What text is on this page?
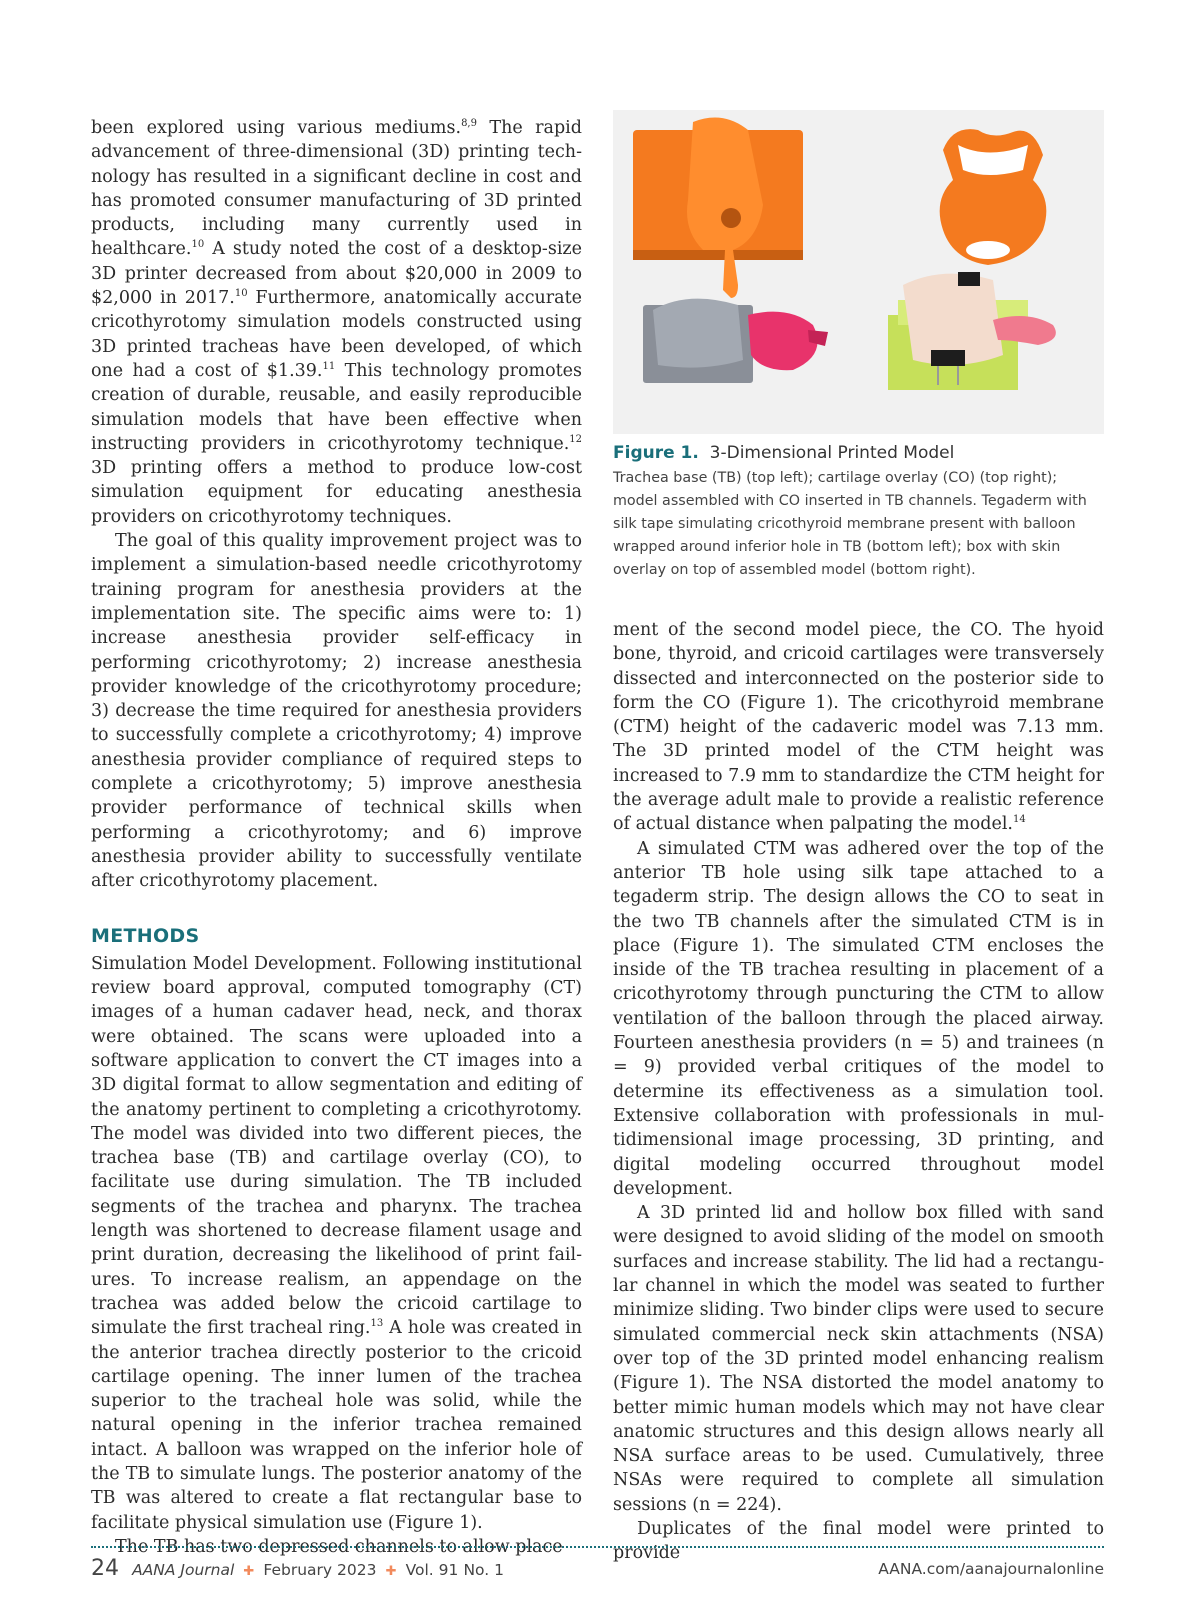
been explored using various mediums.$^{8,9}$ The rapid advancement of three-dimensional (3D) printing technology has resulted in a significant decline in cost and has promoted consumer manufacturing of 3D printed products, including many currently used in healthcare.$^{10}$ A study noted the cost of a desktop-size 3D printer decreased from about $20,000 in 2009 to $2,000 in 2017.10 Furthermore, anatomically accurate cricothyrotomy simulation models constructed using 3D printed tracheas have been developed, of which one had a cost of $1.39.11 This technology promotes creation of durable, reusable, and easily reproducible simulation models that have been effective when instructing providers in cricothyrotomy technique.$^{12}$ 3D printing offers a method to produce low-cost simulation equipment for educating anesthesia providers on cricothyrotomy techniques.

The goal of this quality improvement project was to implement a simulation-based needle cricothyrotomy training program for anesthesia providers at the implementation site. The specific aims were to: 1) increase anesthesia provider self-efficacy in performing cricothyrotomy; 2) increase anesthesia provider knowledge of the cricothyrotomy procedure; 3) decrease the time required for anesthesia providers to successfully complete a cricothyrotomy; 4) improve anesthesia provider compliance of required steps to complete a cricothyrotomy; 5) improve anesthesia provider performance of technical skills when performing a cricothyrotomy; and 6) improve anesthesia provider ability to successfully ventilate after cricothyrotomy placement.

METHODS

Simulation Model Development. Following institutional review board approval, computed tomography (CT) images of a human cadaver head, neck, and thorax were obtained. The scans were uploaded into a software application to convert the CT images into a 3D digital format to allow segmentation and editing of the anatomy pertinent to completing a cricothyrotomy. The model was divided into two different pieces, the trachea base (TB) and cartilage overlay (CO), to facilitate use during simulation. The TB included segments of the trachea and pharynx. The trachea length was shortened to decrease filament usage and print duration, decreasing the likelihood of print failures. To increase realism, an appendage on the trachea was added below the cricoid cartilage to simulate the first tracheal ring.$^{13}$ A hole was created in the anterior trachea directly posterior to the cricoid cartilage opening. The inner lumen of the trachea superior to the tracheal hole was solid, while the natural opening in the inferior trachea remained intact. A balloon was wrapped on the inferior hole of the TB to simulate lungs. The posterior anatomy of the TB was altered to create a flat rectangular base to facilitate physical simulation use (Figure 1).

The TB has two depressed channels to allow place

Figure 1. 3-Dimensional Printed Model
Trachea base (TB) (top left); cartilage overlay (CO) (top right); model assembled with CO inserted in TB channels. Tegaderm with silk tape simulating cricothyroid membrane present with balloon wrapped around inferior hole in TB (bottom left); box with skin overlay on top of assembled model (bottom right).

ment of the second model piece, the CO. The hyoid bone, thyroid, and cricoid cartilages were transversely dissected and interconnected on the posterior side to form the CO (Figure 1). The cricothyroid membrane (CTM) height of the cadaveric model was 7.13 mm. The 3D printed model of the CTM height was increased to 7.9 mm to standardize the CTM height for the average adult male to provide a realistic reference of actual distance when palpating the model.$^{14}$

A simulated CTM was adhered over the top of the anterior TB hole using silk tape attached to a tegaderm strip. The design allows the CO to seat in the two TB channels after the simulated CTM is in place (Figure 1). The simulated CTM encloses the inside of the TB trachea resulting in placement of a cricothyrotomy through puncturing the CTM to allow ventilation of the balloon through the placed airway. Fourteen anesthesia providers (n = 5) and trainees (n = 9) provided verbal critiques of the model to determine its effectiveness as a simulation tool. Extensive collaboration with professionals in multidimensional image processing, 3D printing, and digital modeling occurred throughout model development.

A 3D printed lid and hollow box filled with sand were designed to avoid sliding of the model on smooth surfaces and increase stability. The lid had a rectangular channel in which the model was seated to further minimize sliding. Two binder clips were used to secure simulated commercial neck skin attachments (NSA) over top of the 3D printed model enhancing realism (Figure 1). The NSA distorted the model anatomy to better mimic human models which may not have clear anatomic structures and this design allows nearly all NSA surface areas to be used. Cumulatively, three NSAs were required to complete all simulation sessions (n = 224).

Duplicates of the final model were printed to provide

24 AANA Journal ✚ February 2023 ✚ Vol. 91 No. 1	AANA.com/aanajournalonline
